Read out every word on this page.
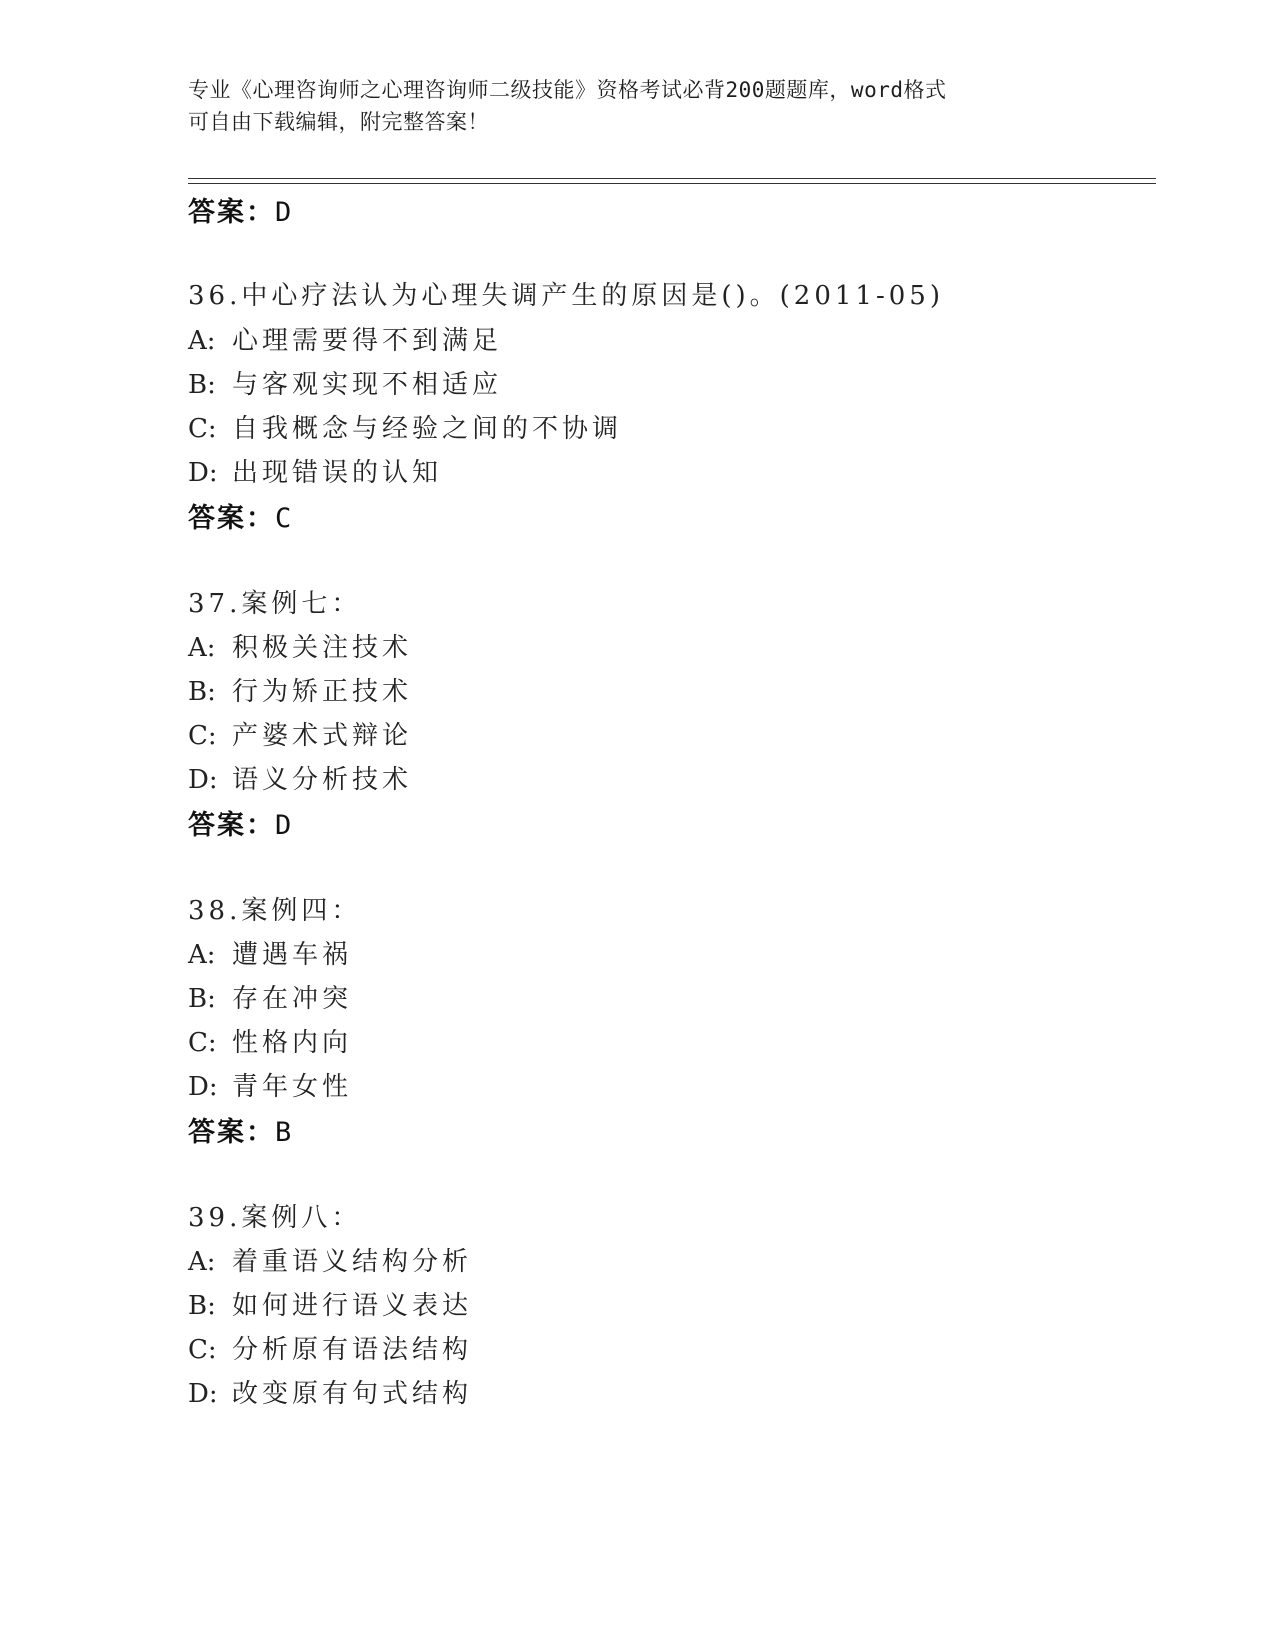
专业《心理咨询师之心理咨询师二级技能》资格考试必背200题题库，word格式
可自由下载编辑，附完整答案！
答案：D
36.中心疗法认为心理失调产生的原因是()。(2011-05)
A: 心理需要得不到满足
B: 与客观实现不相适应
C: 自我概念与经验之间的不协调
D: 出现错误的认知
答案：C
37.案例七：
A: 积极关注技术
B: 行为矫正技术
C: 产婆术式辩论
D: 语义分析技术
答案：D
38.案例四：
A: 遭遇车祸
B: 存在冲突
C: 性格内向
D: 青年女性
答案：B
39.案例八：
A: 着重语义结构分析
B: 如何进行语义表达
C: 分析原有语法结构
D: 改变原有句式结构
